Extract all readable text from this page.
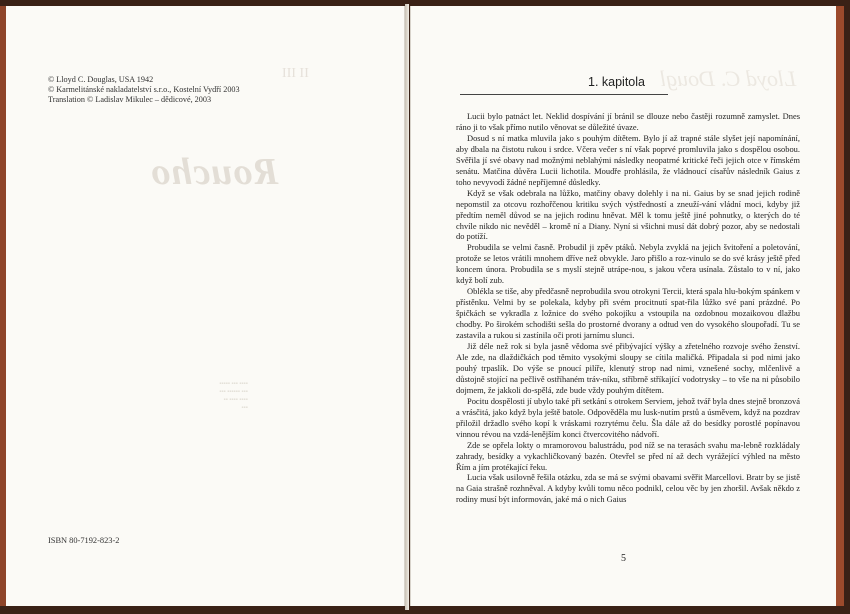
II III
Roucho
▪▪▪▪ ▪▪▪ ▪▪▪▪▪
▪▪▪ ▪▪▪▪▪▪ ▪▪▪
▪▪▪▪ ▪▪▪▪ ▪▪
▪▪▪
Lloyd C. Dougl
© Lloyd C. Douglas, USA 1942
© Karmelitánské nakladatelství s.r.o., Kostelní Vydří 2003
Translation © Ladislav Mikulec – dědicové, 2003
ISBN 80-7192-823-2
1. kapitola

Lucii bylo patnáct let. Neklid dospívání jí bránil se dlouze nebo častěji rozumně zamyslet. Dnes ráno ji to však přímo nutilo věnovat se důležité úvaze.

Dosud s ní matka mluvila jako s pouhým dítětem. Bylo jí až trapné stále slyšet její napomínání, aby dbala na čistotu rukou i srdce. Včera večer s ní však poprvé promluvila jako s dospělou osobou. Svěřila jí své obavy nad možnými neblahými následky neopatrné kritické řeči jejich otce v římském senátu. Matčina důvěra Lucii lichotila. Moudře prohlásila, že vládnoucí císařův následník Gaius z toho nevyvodí žádné nepříjemné důsledky.

Když se však odebrala na lůžko, matčiny obavy dolehly i na ni. Gaius by se snad jejich rodině nepomstil za otcovu rozhořčenou kritiku svých výstředností a zneuží-vání vládní moci, kdyby již předtím neměl důvod se na jejich rodinu hněvat. Měl k tomu ještě jiné pohnutky, o kterých do té chvíle nikdo nic nevěděl – kromě ní a Diany. Nyní si všichni musí dát dobrý pozor, aby se nedostali do potíží.

Probudila se velmi časně. Probudil ji zpěv ptáků. Nebyla zvyklá na jejich švitoření a poletování, protože se letos vrátili mnohem dříve než obvykle. Jaro přišlo a roz-vinulo se do své krásy ještě před koncem února. Probudila se s myslí stejně utrápe-nou, s jakou včera usínala. Zůstalo to v ní, jako když bolí zub.

Oblékla se tiše, aby předčasně neprobudila svou otrokyni Tercii, která spala hlu-bokým spánkem v přístěnku. Velmi by se polekala, kdyby při svém procitnutí spat-řila lůžko své paní prázdné. Po špičkách se vykradla z ložnice do svého pokojíku a vstoupila na ozdobnou mozaikovou dlažbu chodby. Po širokém schodišti sešla do prostorné dvorany a odtud ven do vysokého sloupořadí. Tu se zastavila a rukou si zastínila oči proti jarnímu slunci.

Již déle než rok si byla jasně vědoma své přibývající výšky a zřetelného rozvoje svého ženství. Ale zde, na dlaždičkách pod těmito vysokými sloupy se cítila maličká. Připadala si pod nimi jako pouhý trpaslík. Do výše se pnoucí pilíře, klenutý strop nad nimi, vznešené sochy, mlčenlivě a důstojně stojící na pečlivě ostříhaném tráv-níku, stříbrně stříkající vodotrysky – to vše na ni působilo dojmem, že jakkoli do-spělá, zde bude vždy pouhým dítětem.

Pocitu dospělosti jí ubylo také při setkání s otrokem Serviem, jehož tvář byla dnes stejně bronzová a vrásčitá, jako když byla ještě batole. Odpověděla mu lusk-nutím prstů a úsměvem, když na pozdrav přiložil držadlo svého kopí k vráskami rozrytému čelu. Šla dále až do besídky porostlé popínavou vinnou révou na vzdá-lenějším konci čtvercovitého nádvoří.

Zde se opřela lokty o mramorovou balustrádu, pod níž se na terasách svahu ma-lebně rozkládaly zahrady, besídky a vykachličkovaný bazén. Otevřel se před ní až dech vyrážející výhled na město Řím a jím protékající řeku.

Lucia však usilovně řešila otázku, zda se má se svými obavami svěřit Marcellovi. Bratr by se jistě na Gaia strašně rozhněval. A kdyby kvůli tomu něco podnikl, celou věc by jen zhoršil. Avšak někdo z rodiny musí být informován, jaké má o nich Gaius

5
